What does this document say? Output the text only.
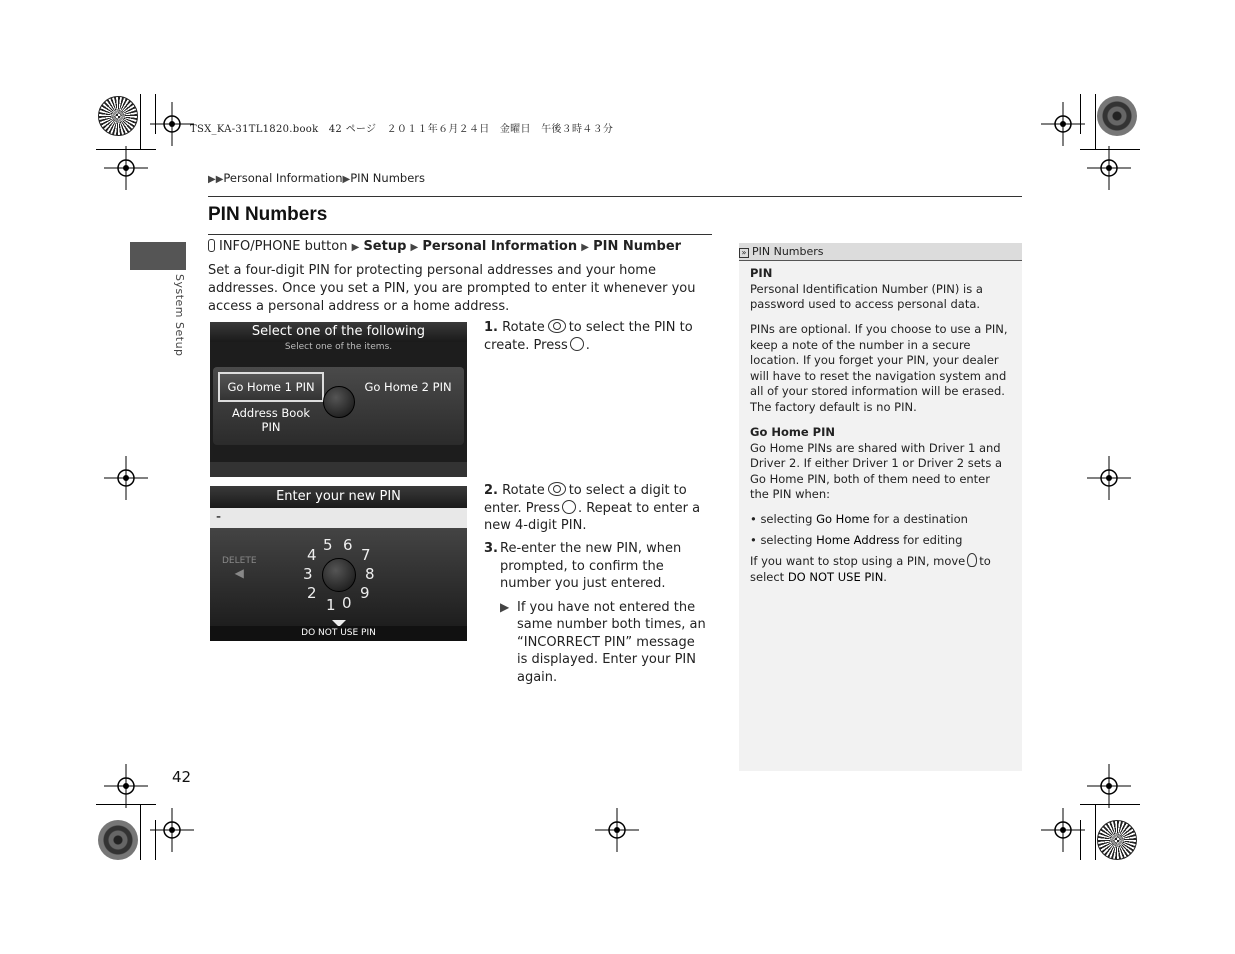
TSX_KA-31TL1820.book　42 ページ　２０１１年６月２４日　金曜日　午後３時４３分
▶▶Personal Information▶PIN Numbers
System Setup
PIN Numbers
INFO/PHONE button ▶ Setup ▶ Personal Information ▶ PIN Number
Set a four-digit PIN for protecting personal addresses and your home addresses. Once you set a PIN, you are prompted to enter it whenever you access a personal address or a home address.
Select one of the following
Select one of the items.
Go Home 1 PIN	Go Home 2 PIN
Address Book PIN
Enter your new PIN
-
DELETE
◀
0
1
2
3
4
5 6
7
8
9
DO NOT USE PIN
1. Rotate to select the PIN to create. Press .
2. Rotate to select a digit to enter. Press . Repeat to enter a new 4-digit PIN.
3. Re-enter the new PIN, when prompted, to confirm the number you just entered.
▶ If you have not entered the same number both times, an “INCORRECT PIN” message is displayed. Enter your PIN again.
» PIN Numbers
PIN
Personal Identification Number (PIN) is a password used to access personal data.
PINs are optional. If you choose to use a PIN, keep a note of the number in a secure location. If you forget your PIN, your dealer will have to reset the navigation system and all of your stored information will be erased. The factory default is no PIN.
Go Home PIN
Go Home PINs are shared with Driver 1 and Driver 2. If either Driver 1 or Driver 2 sets a Go Home PIN, both of them need to enter the PIN when:
• selecting Go Home for a destination
• selecting Home Address for editing
If you want to stop using a PIN, move to select DO NOT USE PIN.
42
